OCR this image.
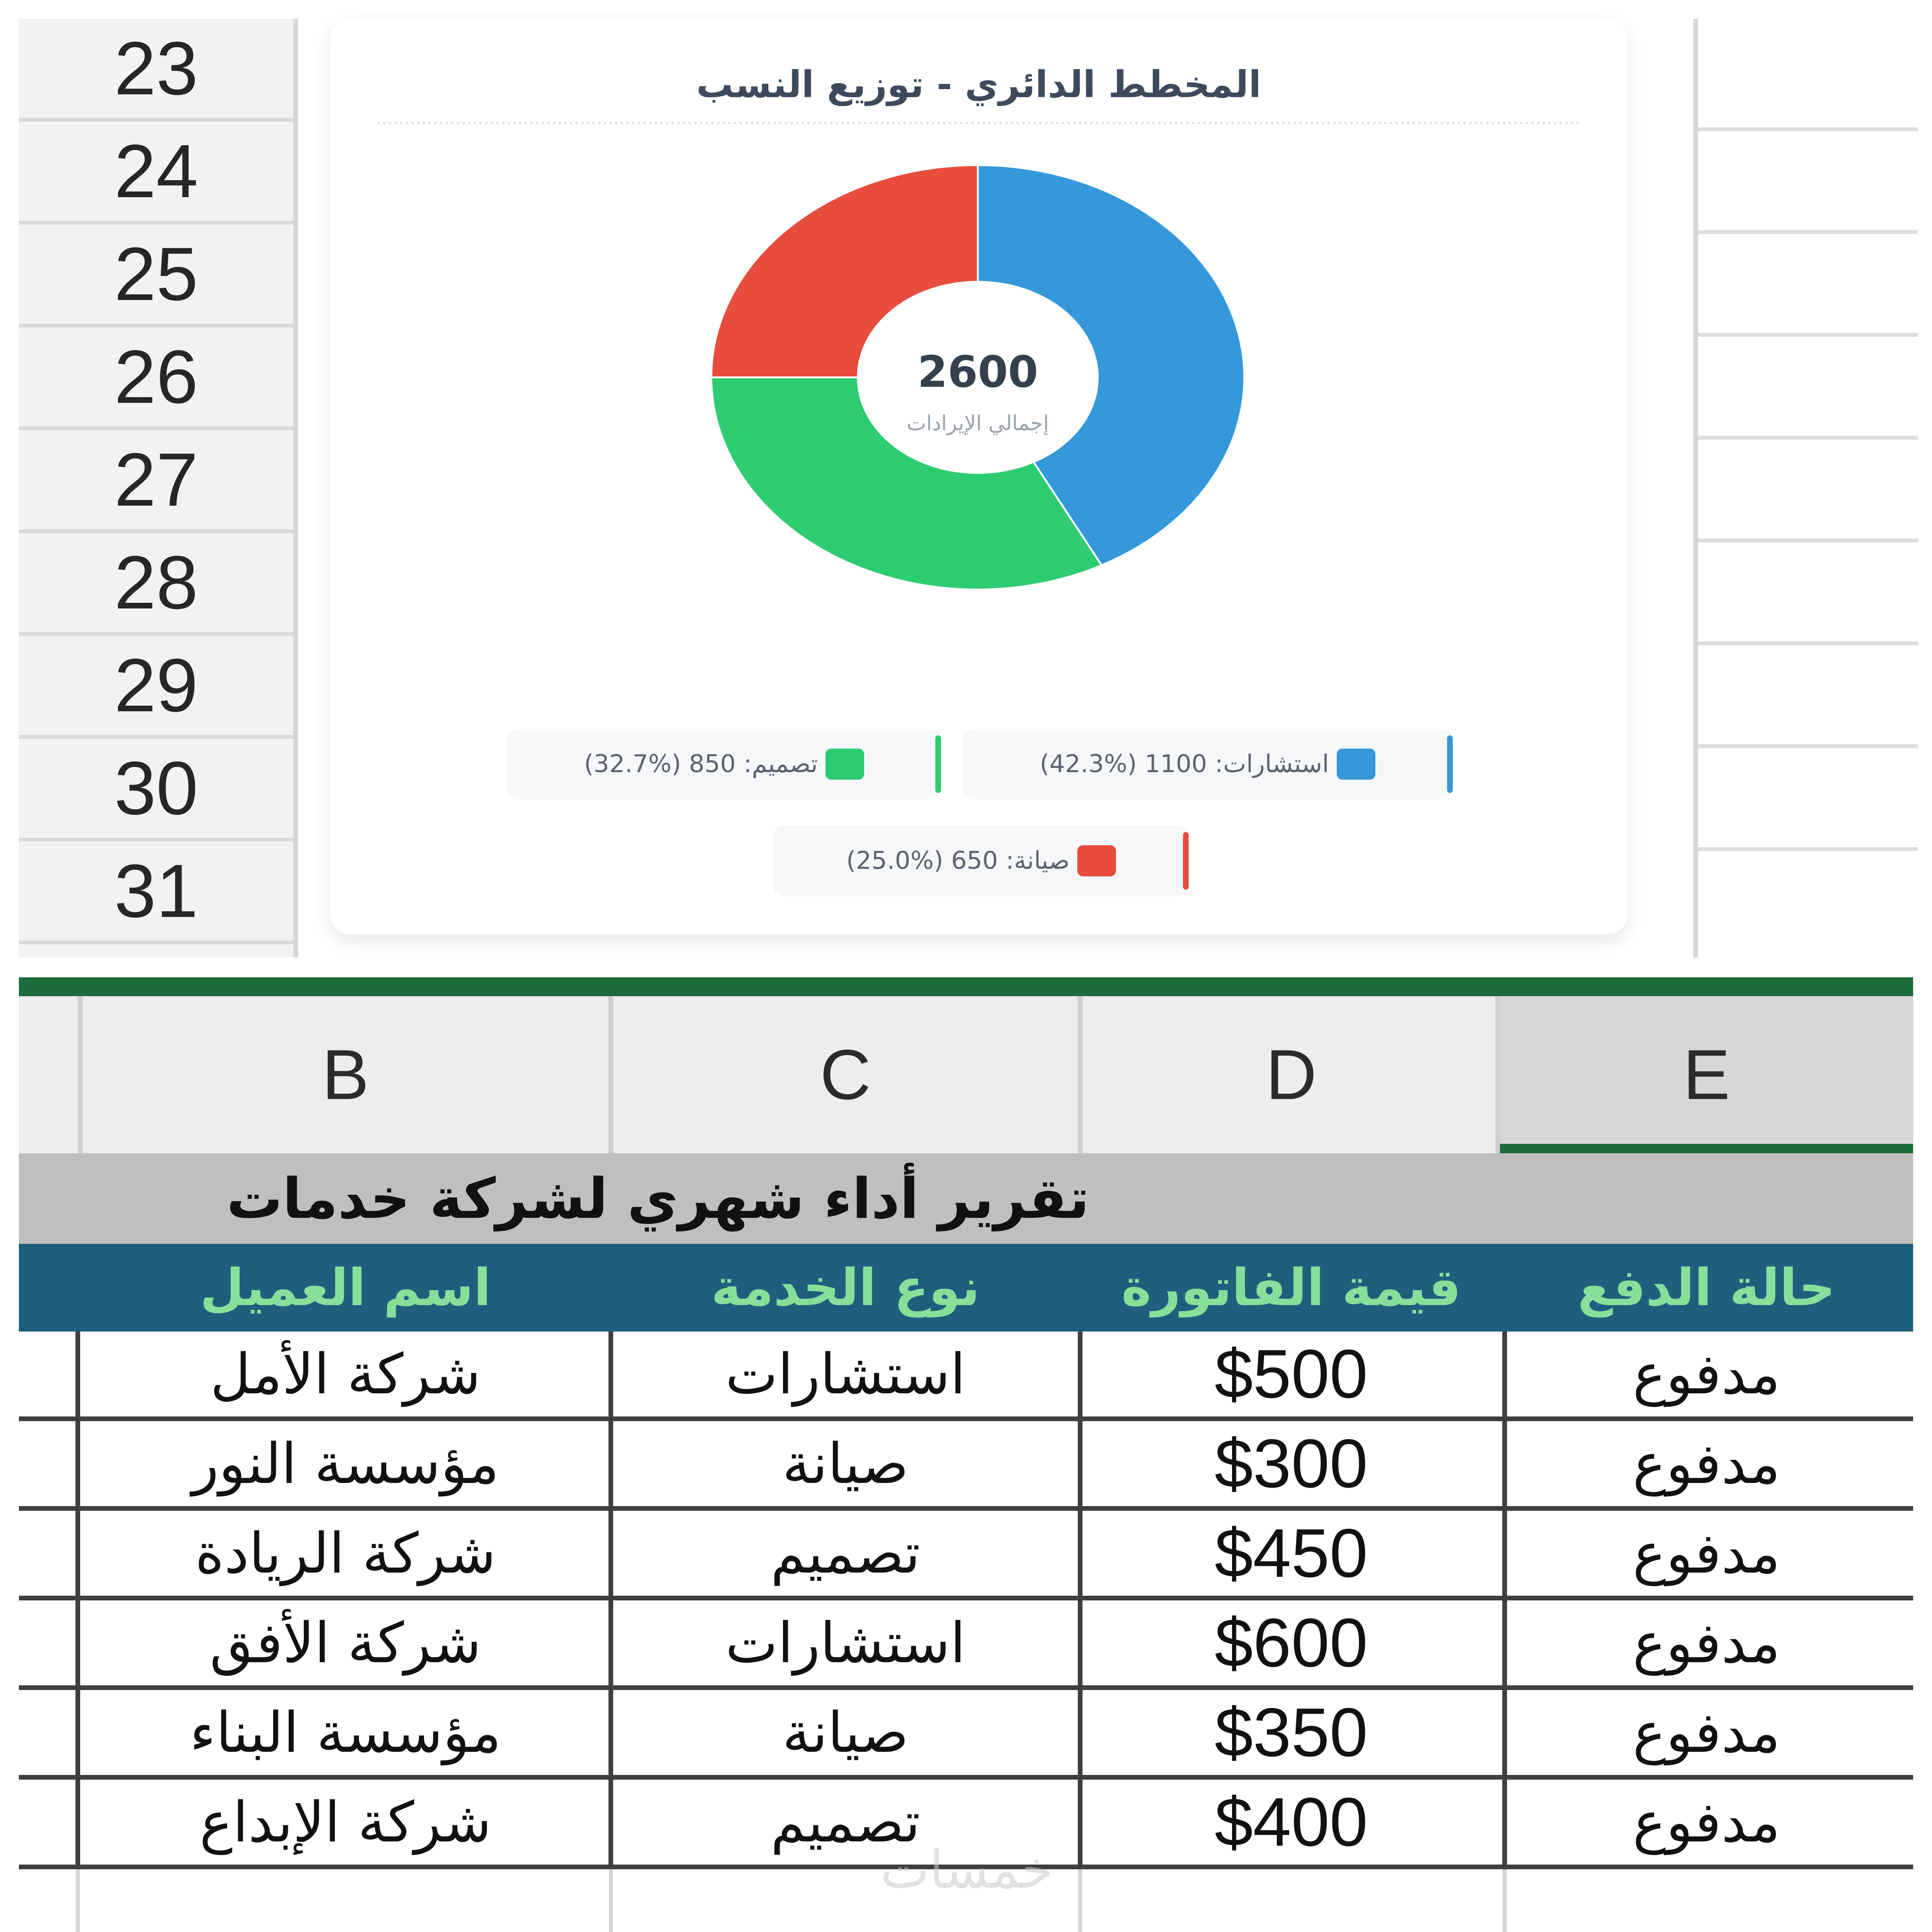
23
24
25
26
27
28
29
30
31
المخطط الدائري - توزيع النسب
2600
إجمالي الإيرادات
استشارات: 1100 (%42.3)
تصميم: 850 (%32.7)
صيانة: 650 (%25.0)
B	C	D	E
تقرير أداء شهري لشركة خدمات
اسم العميل	نوع الخدمة	قيمة الفاتورة	حالة الدفع
شركة الأمل	استشارات	$500	مدفوع
مؤسسة النور	صيانة	$300	مدفوع
شركة الريادة	تصميم	$450	مدفوع
شركة الأفق	استشارات	$600	مدفوع
مؤسسة البناء	صيانة	$350	مدفوع
شركة الإبداع	تصميم	$400	مدفوع
خمسات
